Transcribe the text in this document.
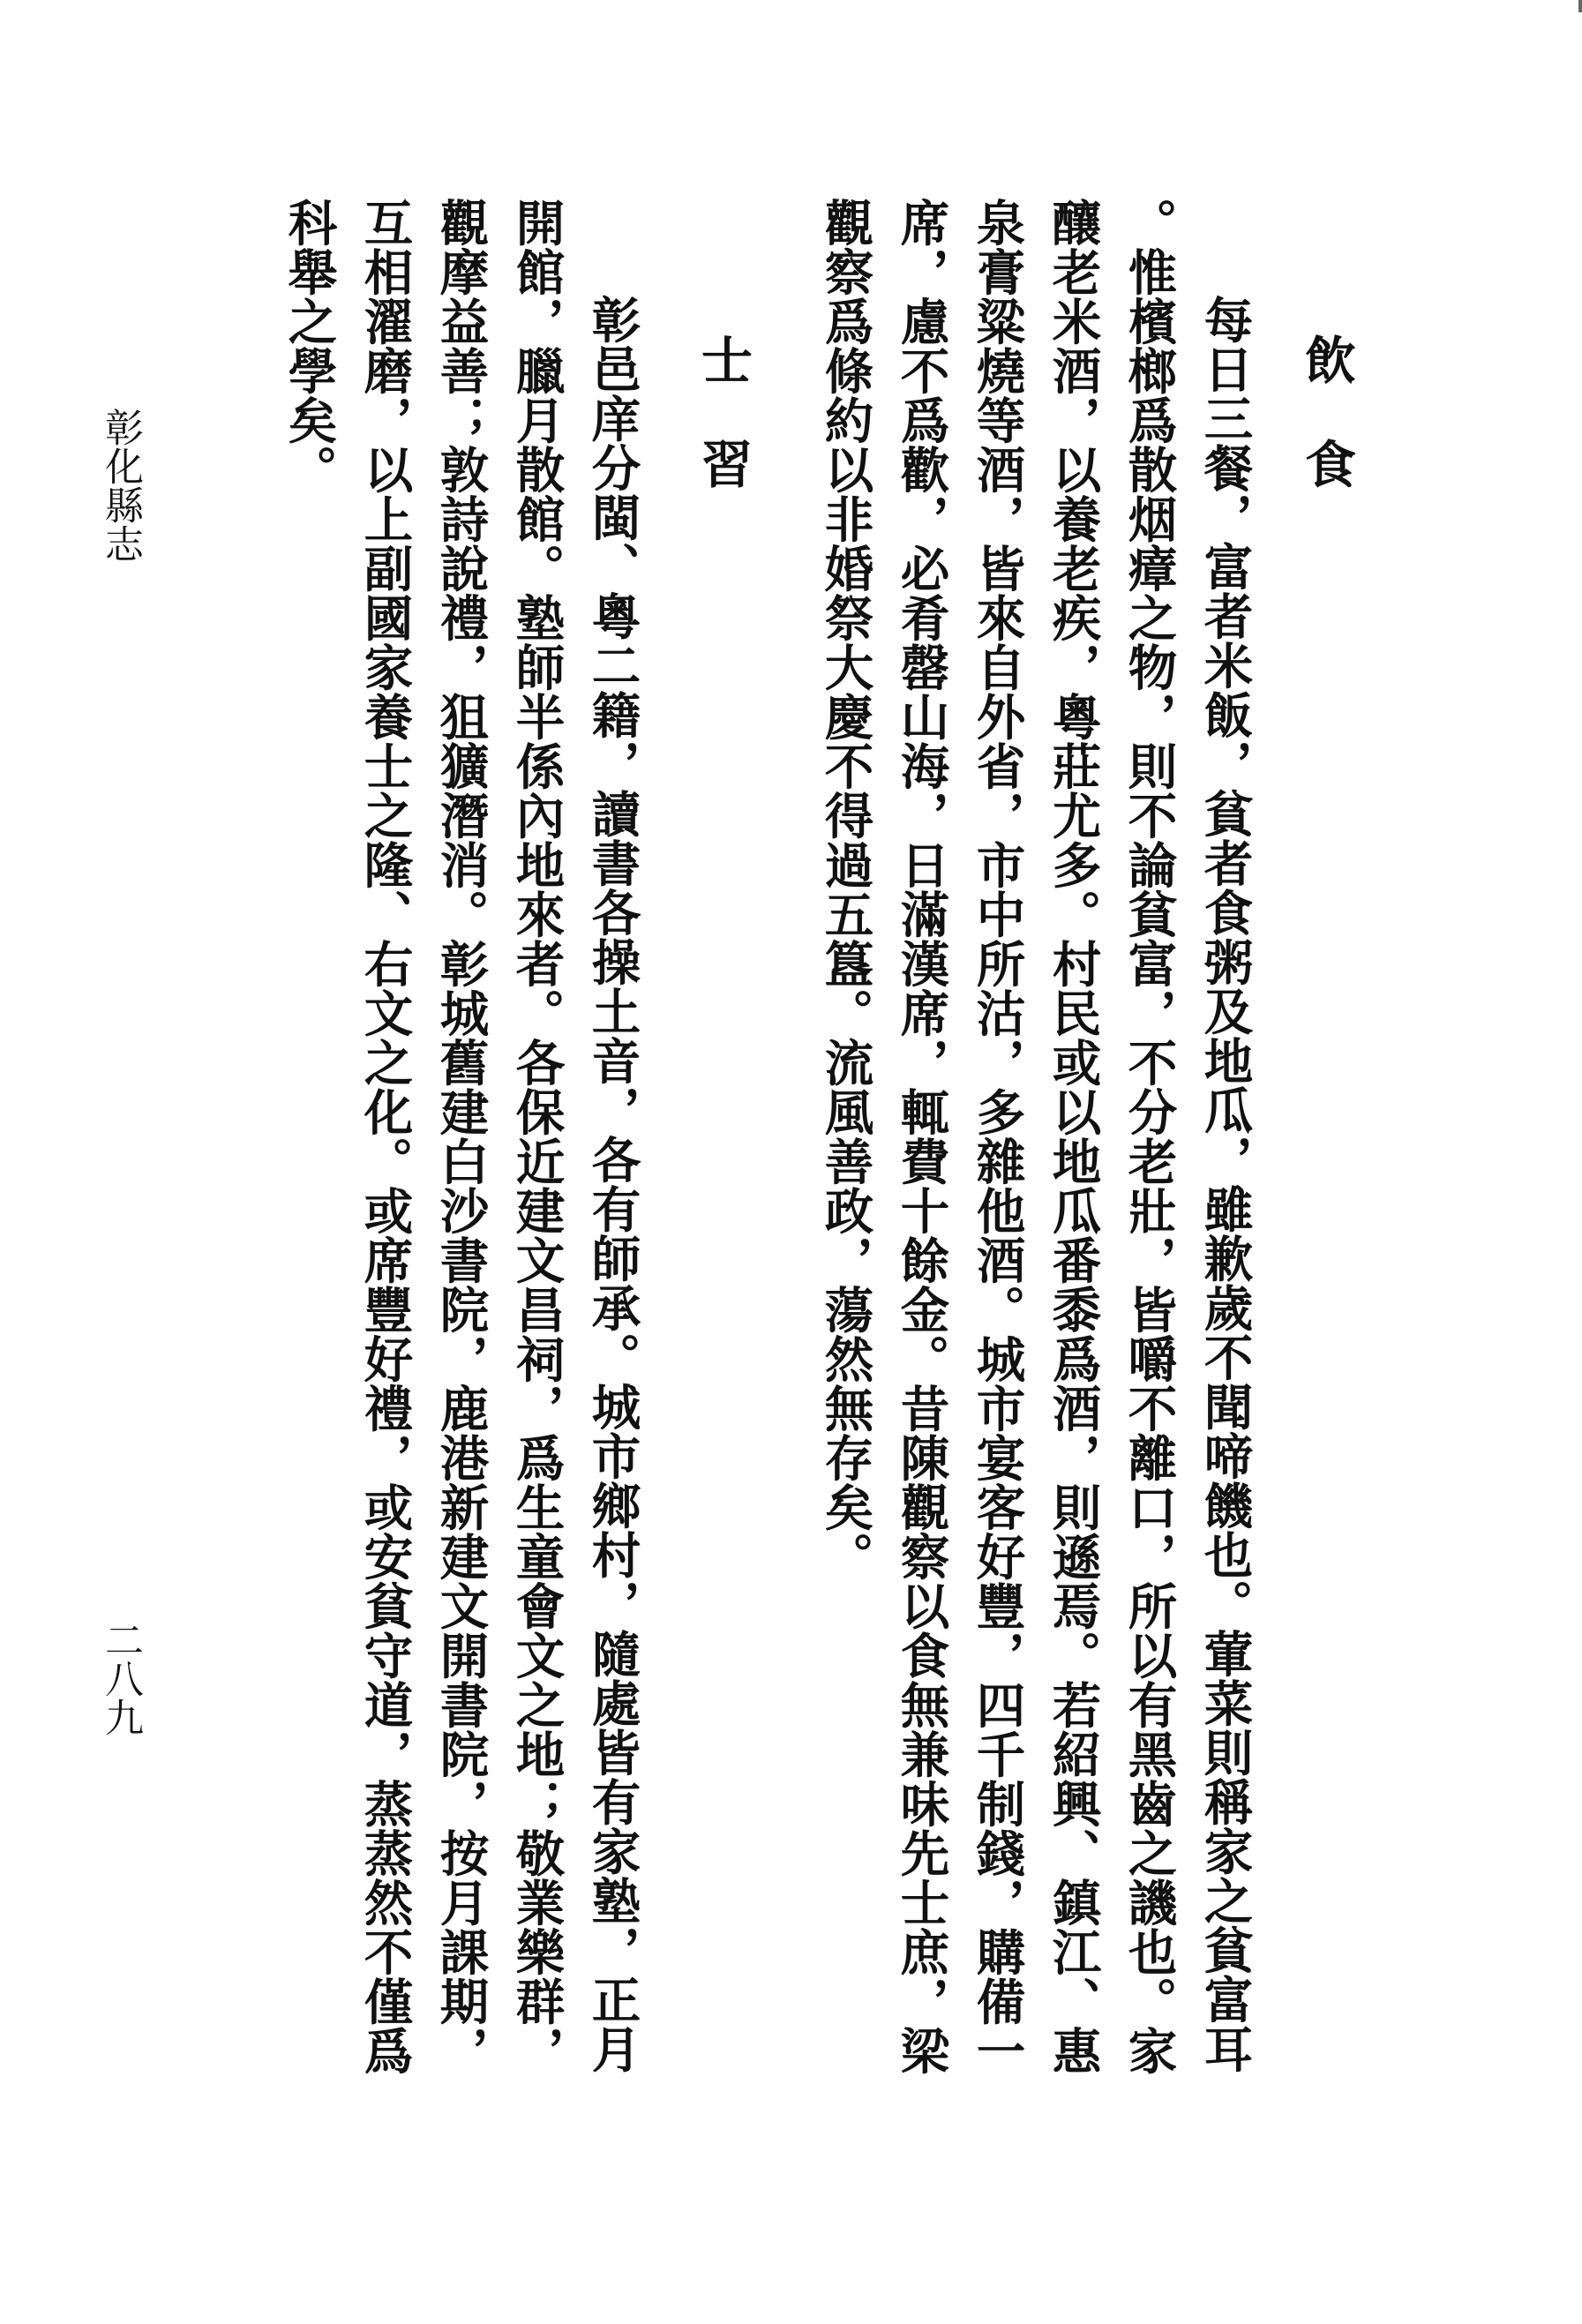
飲食
每日三餐，富者米飯，貧者食粥及地瓜，雖歉歲不聞啼饑也。葷菜則稱家之貧富耳
。惟檳榔爲散烟瘴之物，則不論貧富，不分老壯，皆嚼不離口，所以有黑齒之譏也。家
釀老米酒，以養老疾，粵莊尤多。村民或以地瓜番黍爲酒，則遜焉。若紹興、鎮江、惠
泉膏粱燒等酒，皆來自外省，市中所沽，多雜他酒。城市宴客好豐，四千制錢，購備一
席，慮不爲歡，必肴罄山海，日滿漢席，輒費十餘金。昔陳觀察以食無兼味先士庶，梁
觀察爲條約以非婚祭大慶不得過五簋。流風善政，蕩然無存矣。
士習
彰邑庠分閩、粵二籍，讀書各操土音，各有師承。城市鄉村，隨處皆有家塾，正月
開館，臘月散館。塾師半係內地來者。各保近建文昌祠，爲生童會文之地；敬業樂群，
觀摩益善；敦詩說禮，狙獷潛消。彰城舊建白沙書院，鹿港新建文開書院，按月課期，
互相濯磨，以上副國家養士之隆、右文之化。或席豐好禮，或安貧守道，蒸蒸然不僅爲
科舉之學矣。
彰化縣志
二八九
